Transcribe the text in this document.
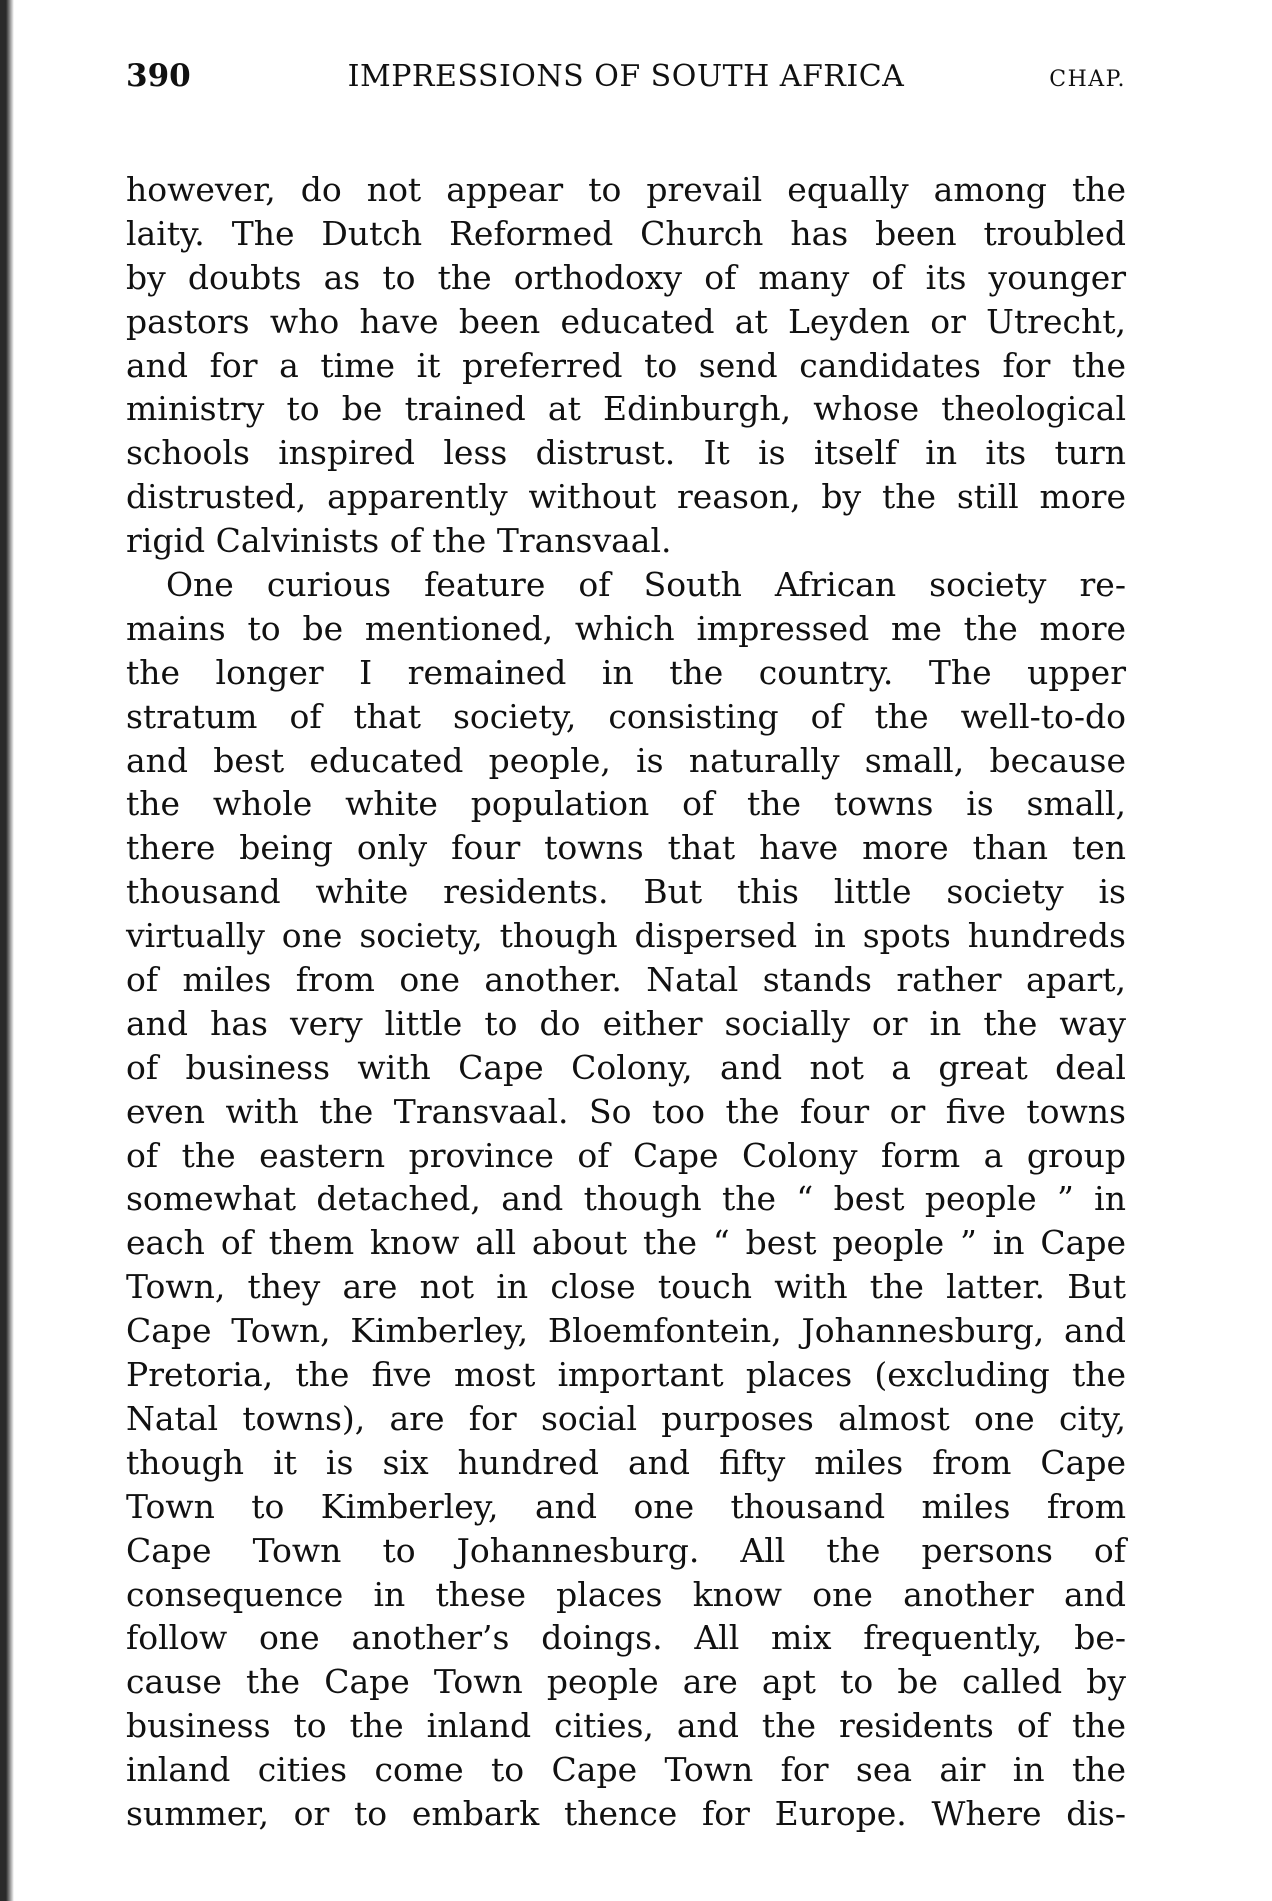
390	IMPRESSIONS OF SOUTH AFRICA	CHAP.
however, do not appear to prevail equally among the
laity. The Dutch Reformed Church has been troubled
by doubts as to the orthodoxy of many of its younger
pastors who have been educated at Leyden or Utrecht,
and for a time it preferred to send candidates for the
ministry to be trained at Edinburgh, whose theological
schools inspired less distrust. It is itself in its turn
distrusted, apparently without reason, by the still more
rigid Calvinists of the Transvaal.
One curious feature of South African society re-
mains to be mentioned, which impressed me the more
the longer I remained in the country. The upper
stratum of that society, consisting of the well-to-do
and best educated people, is naturally small, because
the whole white population of the towns is small,
there being only four towns that have more than ten
thousand white residents. But this little society is
virtually one society, though dispersed in spots hundreds
of miles from one another. Natal stands rather apart,
and has very little to do either socially or in the way
of business with Cape Colony, and not a great deal
even with the Transvaal. So too the four or five towns
of the eastern province of Cape Colony form a group
somewhat detached, and though the “ best people ” in
each of them know all about the “ best people ” in Cape
Town, they are not in close touch with the latter. But
Cape Town, Kimberley, Bloemfontein, Johannesburg, and
Pretoria, the five most important places (excluding the
Natal towns), are for social purposes almost one city,
though it is six hundred and fifty miles from Cape
Town to Kimberley, and one thousand miles from
Cape Town to Johannesburg. All the persons of
consequence in these places know one another and
follow one another’s doings. All mix frequently, be-
cause the Cape Town people are apt to be called by
business to the inland cities, and the residents of the
inland cities come to Cape Town for sea air in the
summer, or to embark thence for Europe. Where dis-
